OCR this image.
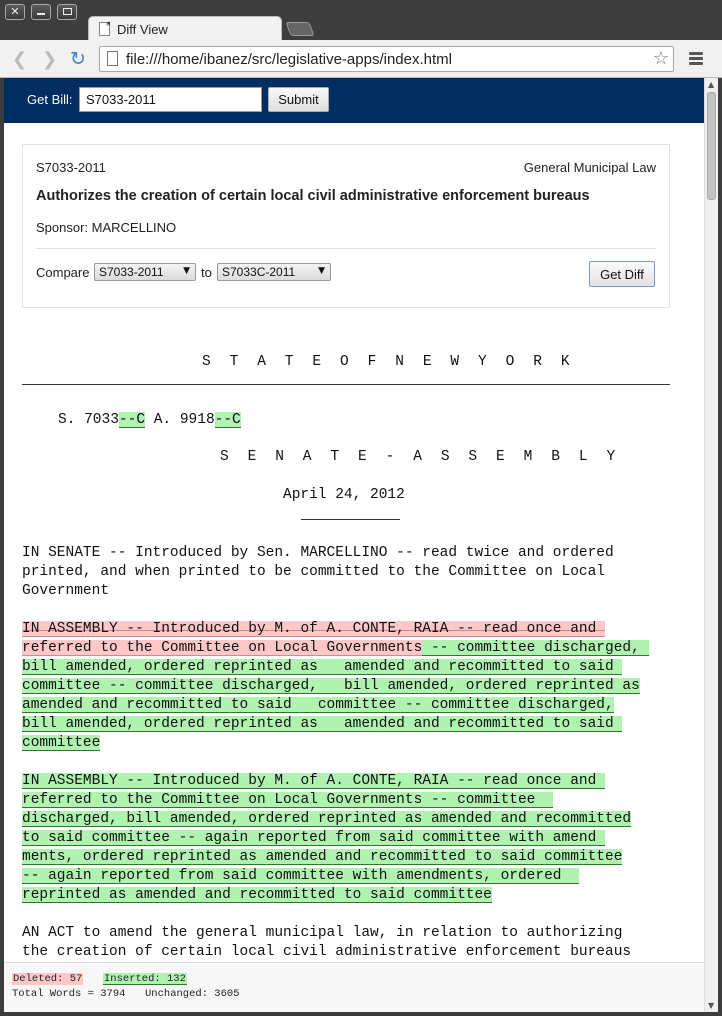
✕
Diff View
❮ ❯ ↻	file:///home/ibanez/src/legislative-apps/index.html	☆
Get Bill:
S7033-2011	Submit
S7033-2011	General Municipal Law
Authorizes the creation of certain local civil administrative enforcement bureaus
Sponsor: MARCELLINO
Compare S7033-2011 ▼ to S7033C-2011	▼	Get Diff
S T A T E O F N E W Y O R K
S. 7033--C A. 9918--C
S E N A T E - A S S E M B L Y
April 24, 2012
IN SENATE -- Introduced by Sen. MARCELLINO -- read twice and ordered
printed, and when printed to be committed to the Committee on Local
Government
IN ASSEMBLY -- Introduced by M. of A. CONTE, RAIA -- read once and
referred to the Committee on Local Governments -- committee discharged,
bill amended, ordered reprinted as   amended and recommitted to said
committee -- committee discharged,   bill amended, ordered reprinted as
amended and recommitted to said   committee -- committee discharged,
bill amended, ordered reprinted as   amended and recommitted to said
committee
IN ASSEMBLY -- Introduced by M. of A. CONTE, RAIA -- read once and
referred to the Committee on Local Governments -- committee
discharged, bill amended, ordered reprinted as amended and recommitted
to said committee -- again reported from said committee with amend
ments, ordered reprinted as amended and recommitted to said committee
-- again reported from said committee with amendments, ordered
reprinted as amended and recommitted to said committee
AN ACT to amend the general municipal law, in relation to authorizing
the creation of certain local civil administrative enforcement bureaus
Deleted: 57 Inserted: 132
Total Words = 3794 Unchanged: 3605
▲
▼
